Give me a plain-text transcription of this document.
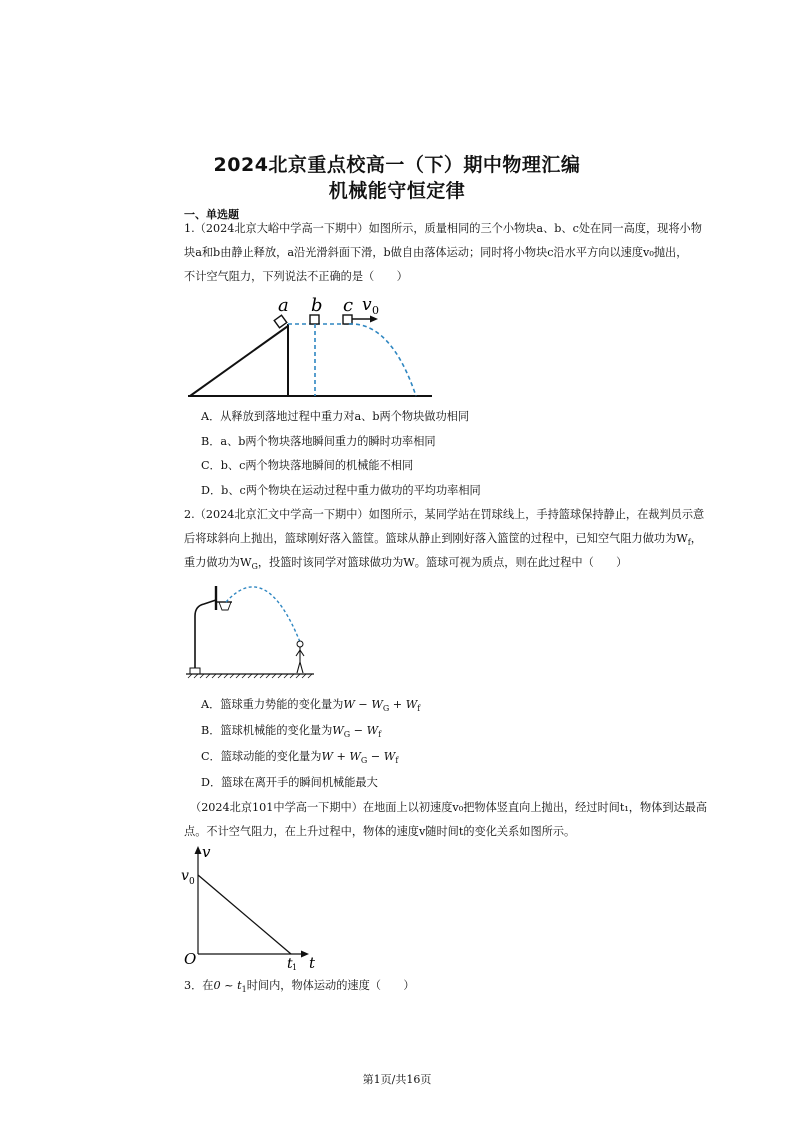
2024北京重点校高一（下）期中物理汇编
机械能守恒定律
一、单选题
1.（2024北京大峪中学高一下期中）如图所示，质量相同的三个小物块a、b、c处在同一高度，现将小物
块a和b由静止释放，a沿光滑斜面下滑，b做自由落体运动；同时将小物块c沿水平方向以速度v₀抛出，
不计空气阻力，下列说法不正确的是（　　）
a b c v 0
A．从释放到落地过程中重力对a、b两个物块做功相同
B．a、b两个物块落地瞬间重力的瞬时功率相同
C．b、c两个物块落地瞬间的机械能不相同
D．b、c两个物块在运动过程中重力做功的平均功率相同
2.（2024北京汇文中学高一下期中）如图所示，某同学站在罚球线上，手持篮球保持静止，在裁判员示意
后将球斜向上抛出，篮球刚好落入篮筐。篮球从静止到刚好落入篮筐的过程中，已知空气阻力做功为$W_f$，
重力做功为$W_G$，投篮时该同学对篮球做功为W。篮球可视为质点，则在此过程中（　　）
A．篮球重力势能的变化量为$W - W_G + W_f$
B．篮球机械能的变化量为$W_G - W_f$
C．篮球动能的变化量为$W + W_G - W_f$
D．篮球在离开手的瞬间机械能最大
（2024北京101中学高一下期中）在地面上以初速度v₀把物体竖直向上抛出，经过时间t₁，物体到达最高
点。不计空气阻力，在上升过程中，物体的速度v随时间t的变化关系如图所示。
v
v 0
O	t 1 t
3．在0 ~ $t_1$时间内，物体运动的速度（　　）
第1页/共16页
